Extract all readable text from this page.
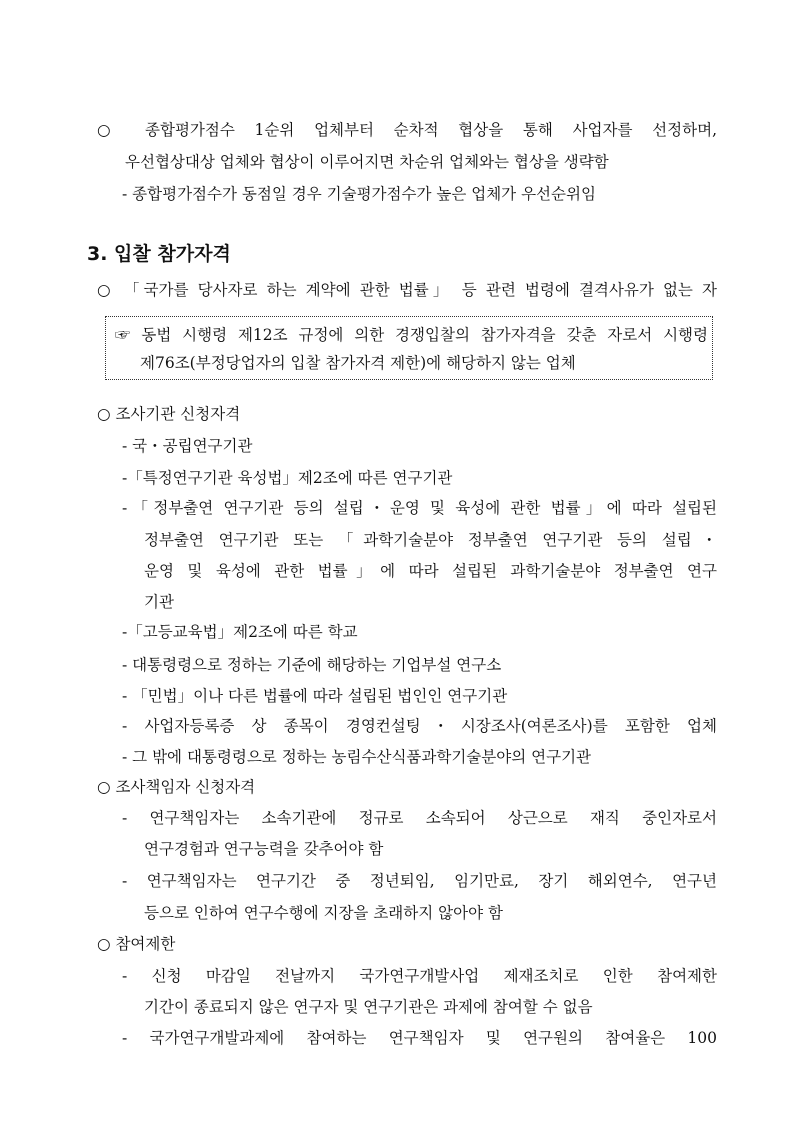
○ 종합평가점수 1순위 업체부터 순차적 협상을 통해 사업자를 선정하며,
우선협상대상 업체와 협상이 이루어지면 차순위 업체와는 협상을 생략함
- 종합평가점수가 동점일 경우 기술평가점수가 높은 업체가 우선순위임
3. 입찰 참가자격
○ 「국가를 당사자로 하는 계약에 관한 법률」 등 관련 법령에 결격사유가 없는 자
☞ 동법 시행령 제12조 규정에 의한 경쟁입찰의 참가자격을 갖춘 자로서 시행령
제76조(부정당업자의 입찰 참가자격 제한)에 해당하지 않는 업체
○ 조사기관 신청자격
- 국・공립연구기관
-「특정연구기관 육성법」제2조에 따른 연구기관
-「정부출연 연구기관 등의 설립・운영 및 육성에 관한 법률」에 따라 설립된
정부출연 연구기관 또는 「과학기술분야 정부출연 연구기관 등의 설립・
운영 및 육성에 관한 법률」에 따라 설립된 과학기술분야 정부출연 연구
기관
-「고등교육법」제2조에 따른 학교
- 대통령령으로 정하는 기준에 해당하는 기업부설 연구소
- 「민법」이나 다른 법률에 따라 설립된 법인인 연구기관
- 사업자등록증 상 종목이 경영컨설팅・시장조사(여론조사)를 포함한 업체
- 그 밖에 대통령령으로 정하는 농림수산식품과학기술분야의 연구기관
○ 조사책임자 신청자격
- 연구책임자는 소속기관에 정규로 소속되어 상근으로 재직 중인자로서
연구경험과 연구능력을 갖추어야 함
- 연구책임자는 연구기간 중 정년퇴임, 임기만료, 장기 해외연수, 연구년
등으로 인하여 연구수행에 지장을 초래하지 않아야 함
○ 참여제한
- 신청 마감일 전날까지 국가연구개발사업 제재조치로 인한 참여제한
기간이 종료되지 않은 연구자 및 연구기관은 과제에 참여할 수 없음
- 국가연구개발과제에 참여하는 연구책임자 및 연구원의 참여율은 100
